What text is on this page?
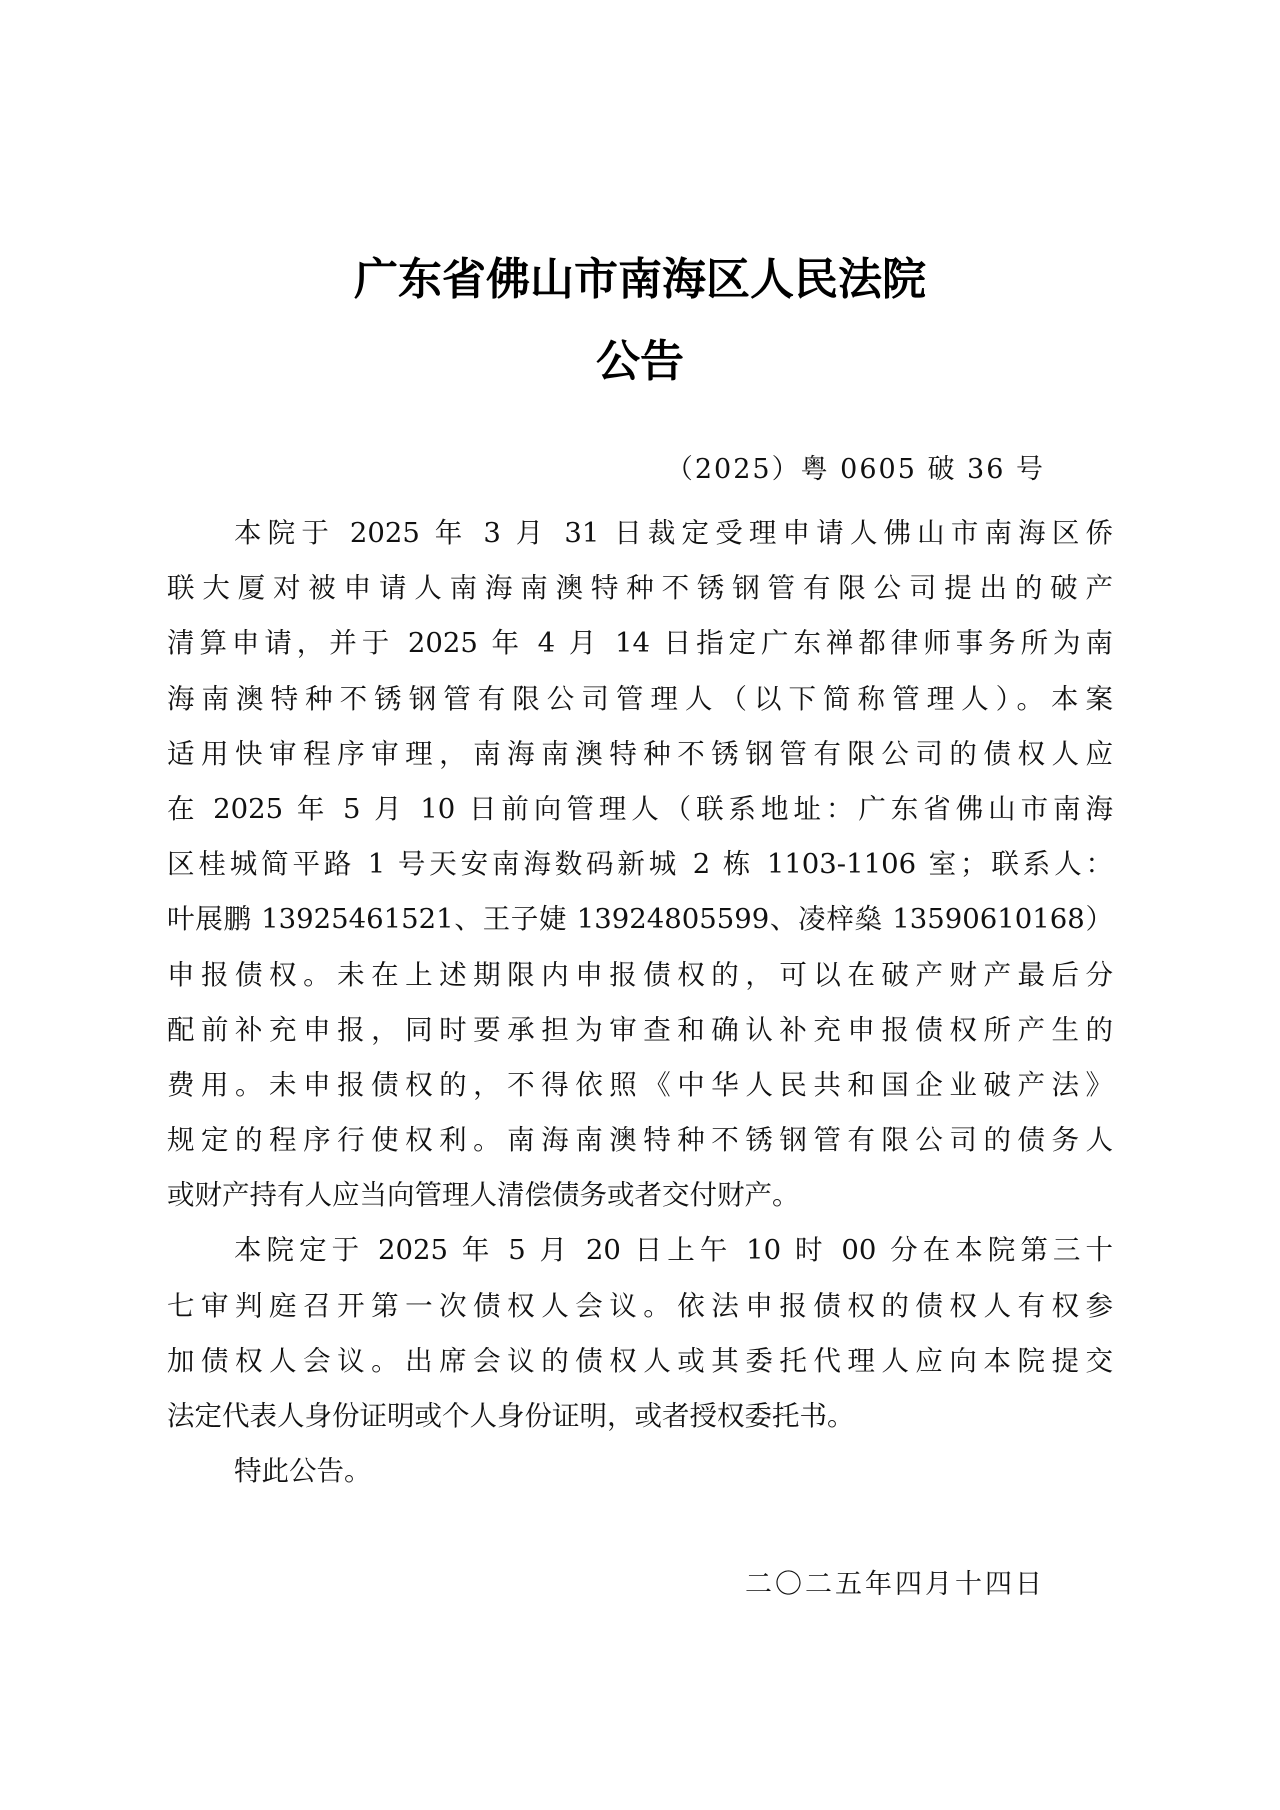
广东省佛山市南海区人民法院
公告
（2025）粤 0605 破 36 号
本院于 2025 年 3 月 31 日裁定受理申请人佛山市南海区侨
联大厦对被申请人南海南澳特种不锈钢管有限公司提出的破产
清算申请，并于 2025 年 4 月 14 日指定广东禅都律师事务所为南
海南澳特种不锈钢管有限公司管理人（以下简称管理人）。本案
适用快审程序审理，南海南澳特种不锈钢管有限公司的债权人应
在 2025 年 5 月 10 日前向管理人（联系地址：广东省佛山市南海
区桂城简平路 1 号天安南海数码新城 2 栋 1103-1106 室；联系人：
叶展鹏 13925461521、王子婕 13924805599、凌梓燊 13590610168）
申报债权。未在上述期限内申报债权的，可以在破产财产最后分
配前补充申报，同时要承担为审查和确认补充申报债权所产生的
费用。未申报债权的，不得依照《中华人民共和国企业破产法》
规定的程序行使权利。南海南澳特种不锈钢管有限公司的债务人
或财产持有人应当向管理人清偿债务或者交付财产。
本院定于 2025 年 5 月 20 日上午 10 时 00 分在本院第三十
七审判庭召开第一次债权人会议。依法申报债权的债权人有权参
加债权人会议。出席会议的债权人或其委托代理人应向本院提交
法定代表人身份证明或个人身份证明，或者授权委托书。
特此公告。
二〇二五年四月十四日
